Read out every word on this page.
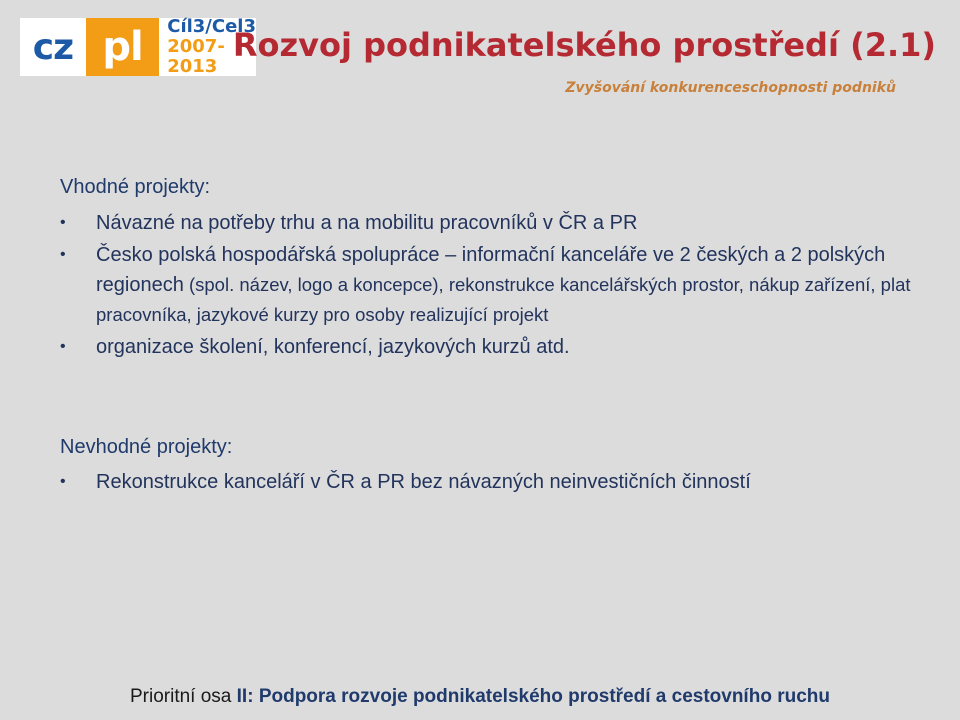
cz pl	Cíl3/Cel3
2007-2013
Rozvoj podnikatelského prostředí (2.1)
Zvyšování konkurenceschopnosti podniků
Vhodné projekty:
• Návazné na potřeby trhu a na mobilitu pracovníků v ČR a PR
• Česko polská hospodářská spolupráce – informační kanceláře ve 2 českých a 2 polských regionech (spol. název, logo a koncepce), rekonstrukce kancelářských prostor, nákup zařízení, plat pracovníka, jazykové kurzy pro osoby realizující projekt
• organizace školení, konferencí, jazykových kurzů atd.
Nevhodné projekty:
• Rekonstrukce kanceláří v ČR a PR bez návazných neinvestičních činností
Prioritní osa II: Podpora rozvoje podnikatelského prostředí a cestovního ruchu
